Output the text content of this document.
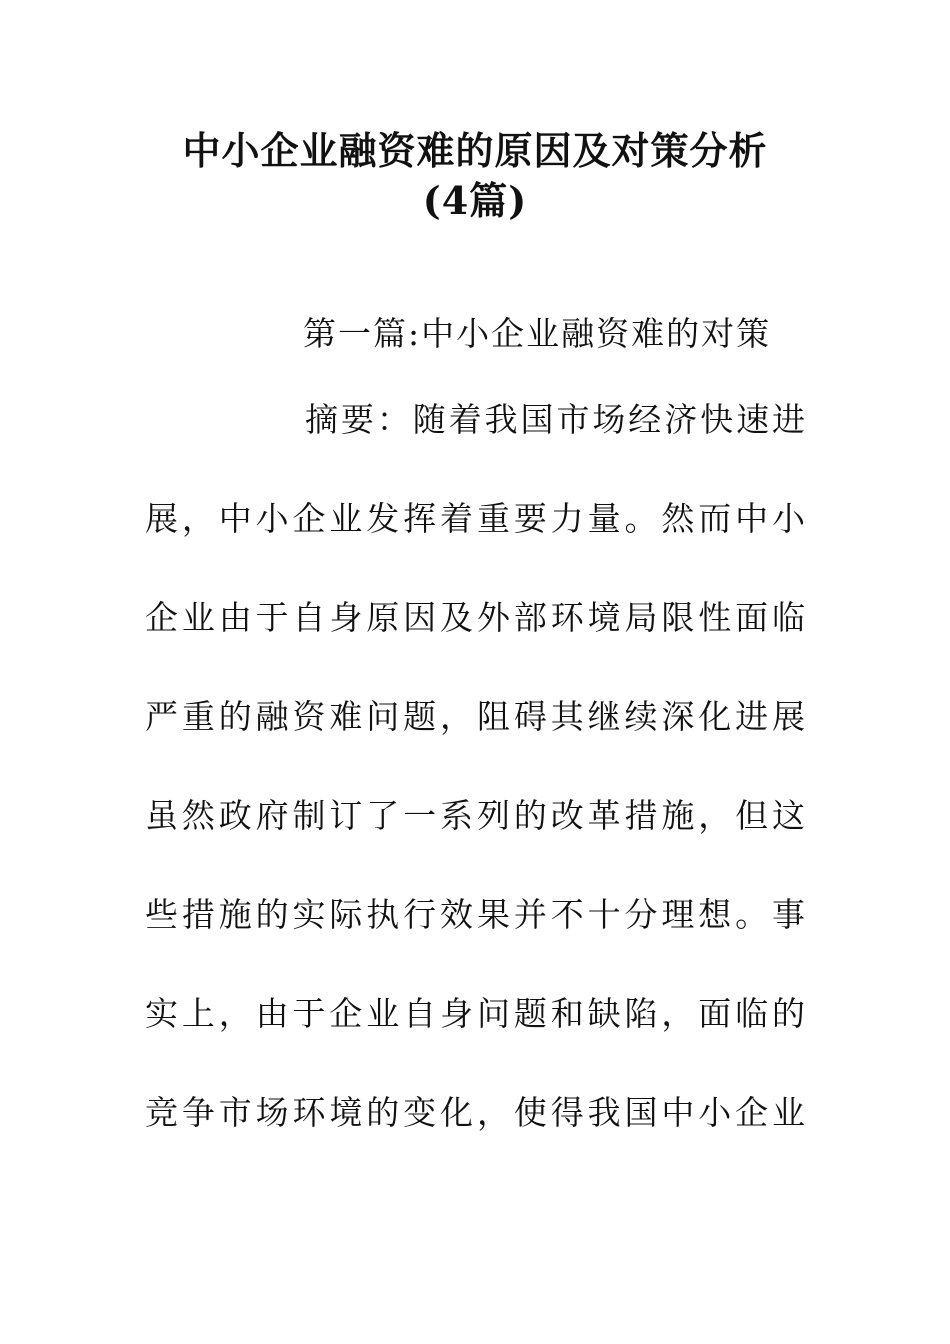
中小企业融资难的原因及对策分析
(4篇)
第一篇:中小企业融资难的对策
摘要：随着我国市场经济快速进
展，中小企业发挥着重要力量。然而中小
企业由于自身原因及外部环境局限性面临
严重的融资难问题，阻碍其继续深化进展
虽然政府制订了一系列的改革措施，但这
些措施的实际执行效果并不十分理想。事
实上，由于企业自身问题和缺陷，面临的
竞争市场环境的变化，使得我国中小企业
